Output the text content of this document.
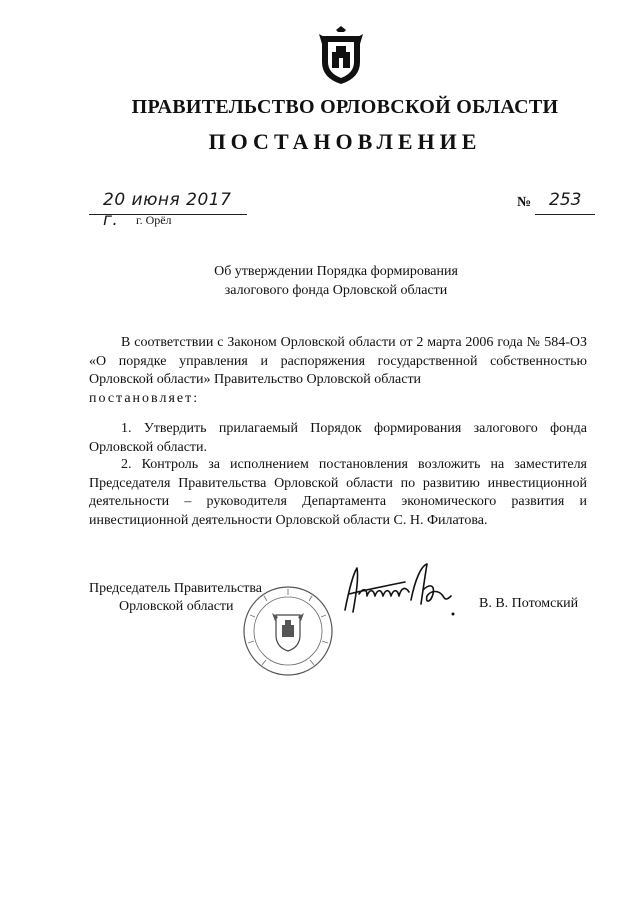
ПРАВИТЕЛЬСТВО ОРЛОВСКОЙ ОБЛАСТИ
ПОСТАНОВЛЕНИЕ
20 июня 2017 г.	г. Орёл
№ 253
Об утверждении Порядка формирования
залогового фонда Орловской области

В соответствии с Законом Орловской области от 2 марта 2006 года № 584-ОЗ «О порядке управления и распоряжения государственной собственностью Орловской области» Правительство Орловской области

постановляет:

1. Утвердить прилагаемый Порядок формирования залогового фонда Орловской области.

2. Контроль за исполнением постановления возложить на заместителя Председателя Правительства Орловской области по развитию инвестиционной деятельности – руководителя Департамента экономического развития и инвестиционной деятельности Орловской области С. Н. Филатова.

Председатель Правительства
Орловской области	В. В. Потомский
